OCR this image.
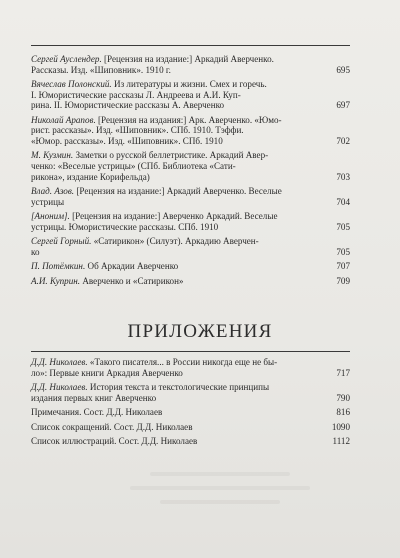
Сергей Ауслендер. [Рецензия на издание:] Аркадий Аверченко.
Рассказы. Изд. «Шиповник». 1910 г.	695
Вячеслав Полонский. Из литературы и жизни. Смех и горечь.
I. Юмористические рассказы Л. Андреева и А.И. Куп-
рина. II. Юмористические рассказы А. Аверченко	697
Николай Арапов. [Рецензия на издания:] Арк. Аверченко. «Юмо-
рист. рассказы». Изд. «Шиповник». СПб. 1910. Тэффи.
«Юмор. рассказы». Изд. «Шиповник». СПб. 1910	702
М. Кузмин. Заметки о русской беллетристике. Аркадий Авер-
ченко: «Веселые устрицы» (СПб. Библиотека «Сати-
рикона», издание Корифельда)	703
Влад. Азов. [Рецензия на издание:] Аркадий Аверченко. Веселые
устрицы	704
[Аноним]. [Рецензия на издание:] Аверченко Аркадий. Веселые
устрицы. Юмористические рассказы. СПб. 1910	705
Сергей Горный. «Сатирикон» (Силуэт). Аркадию Аверчен-
ко	705
П. Потёмкин. Об Аркадии Аверченко	707
А.И. Куприн. Аверченко и «Сатирикон»	709
ПРИЛОЖЕНИЯ
Д.Д. Николаев. «Такого писателя... в России никогда еще не бы-
ло»: Первые книги Аркадия Аверченко	717
Д.Д. Николаев. История текста и текстологические принципы
издания первых книг Аверченко	790
Примечания. Сост. Д.Д. Николаев	816
Список сокращений. Сост. Д.Д. Николаев	1090
Список иллюстраций. Сост. Д.Д. Николаев	1112
